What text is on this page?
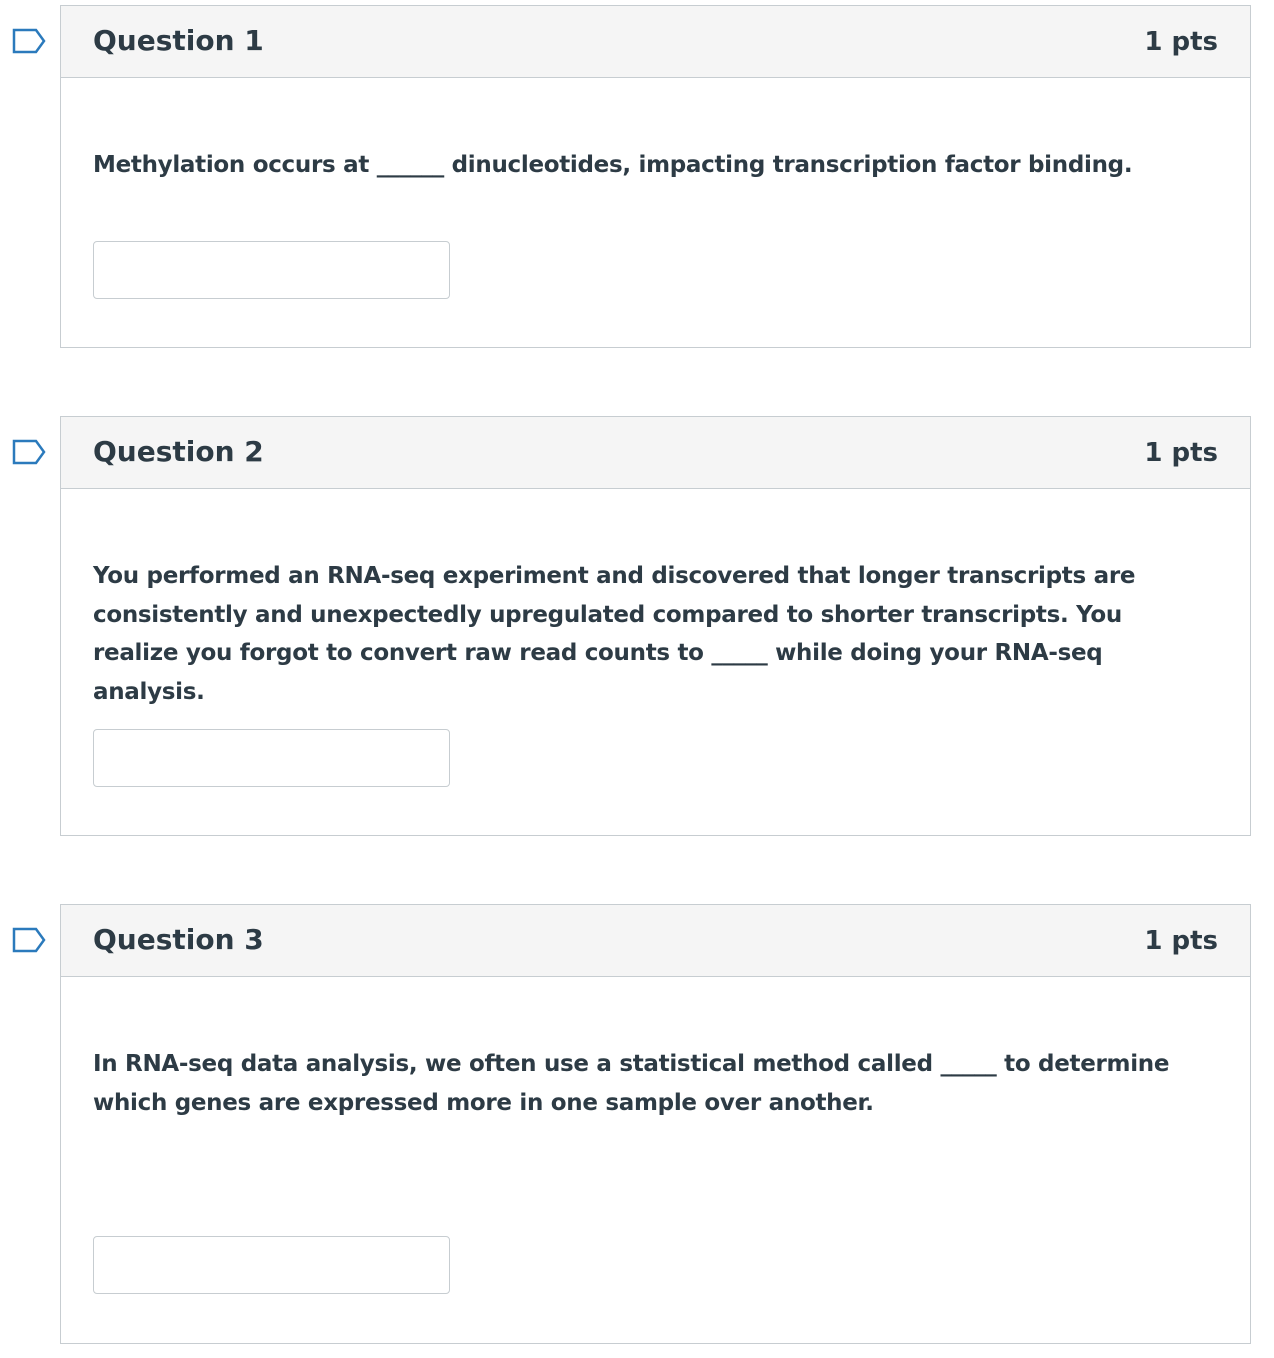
Question 1	1 pts
Methylation occurs at ______ dinucleotides, impacting transcription factor binding.
Question 2	1 pts
You performed an RNA-seq experiment and discovered that longer transcripts are consistently and unexpectedly upregulated compared to shorter transcripts. You realize you forgot to convert raw read counts to _____ while doing your RNA-seq analysis.
Question 3	1 pts
In RNA-seq data analysis, we often use a statistical method called _____ to determine which genes are expressed more in one sample over another.
